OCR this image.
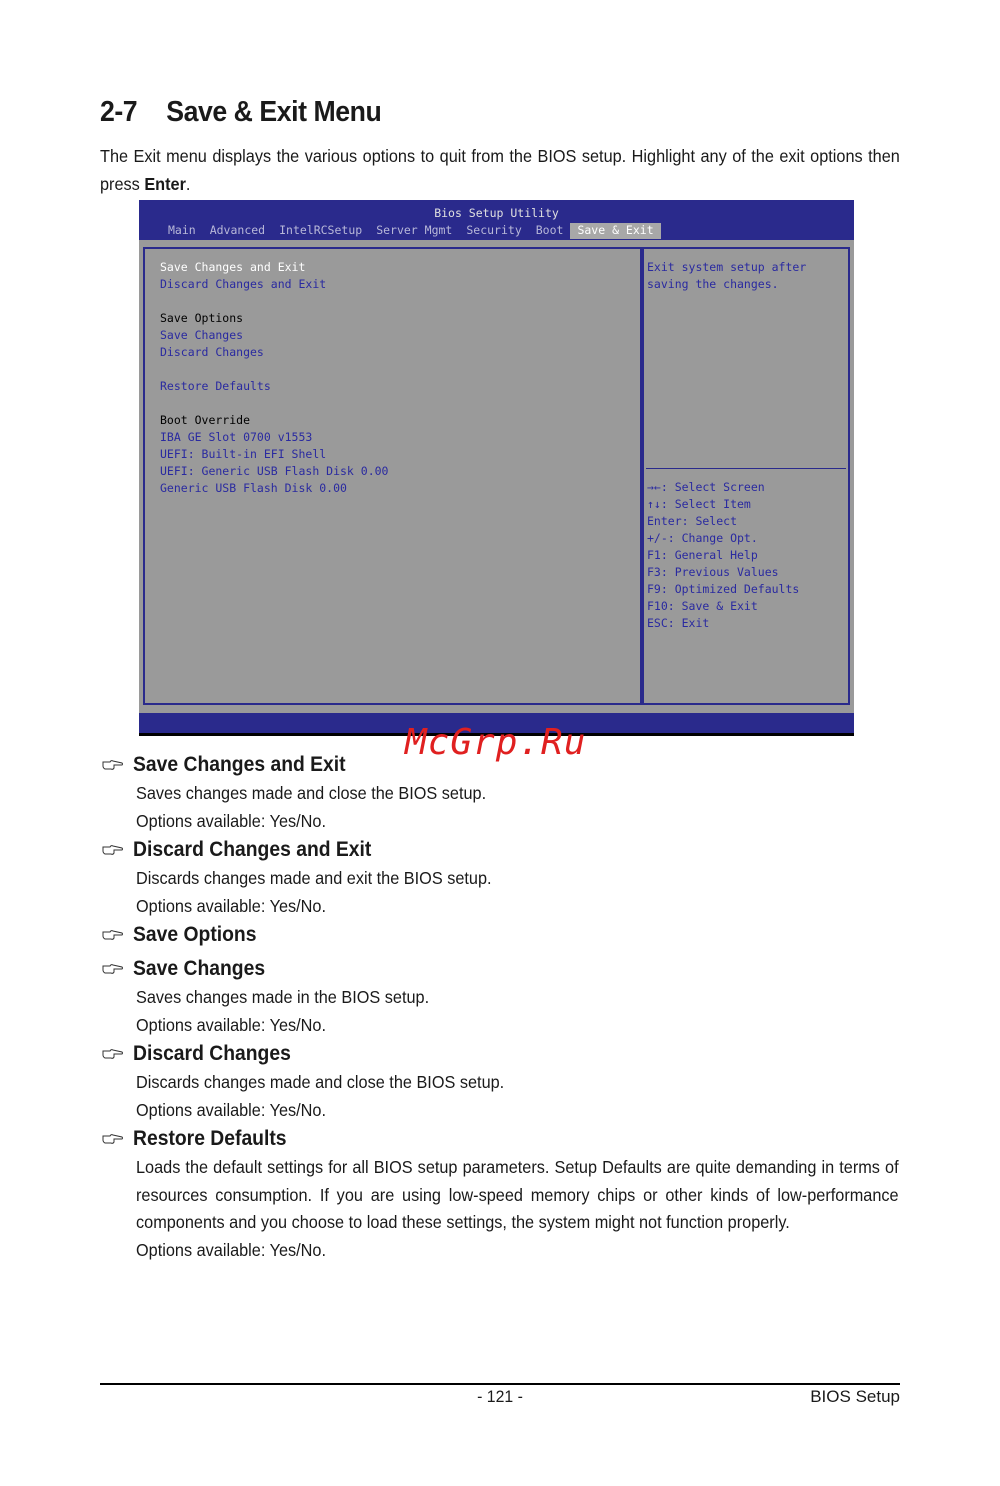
2-7 Save & Exit Menu
The Exit menu displays the various options to quit from the BIOS setup. Highlight any of the exit options then press Enter.
Bios Setup Utility
Main	Advanced	IntelRCSetup	Server Mgmt	Security	Boot	Save & Exit
Save Changes and Exit
Discard Changes and Exit
Save Options
Save Changes
Discard Changes
Restore Defaults
Boot Override
IBA GE Slot 0700 v1553
UEFI: Built-in EFI Shell
UEFI: Generic USB Flash Disk 0.00
Generic USB Flash Disk 0.00
Exit system setup after
saving the changes.
→←: Select Screen
↑↓: Select Item
Enter: Select
+/-: Change Opt.
F1: General Help
F3: Previous Values
F9: Optimized Defaults
F10: Save & Exit
ESC: Exit
McGrp.Ru
Save Changes and Exit
Saves changes made and close the BIOS setup.
Options available: Yes/No.
Discard Changes and Exit
Discards changes made and exit the BIOS setup.
Options available: Yes/No.
Save Options
Save Changes
Saves changes made in the BIOS setup.
Options available: Yes/No.
Discard Changes
Discards changes made and close the BIOS setup.
Options available: Yes/No.
Restore Defaults
Loads the default settings for all BIOS setup parameters. Setup Defaults are quite demanding in terms of resources consumption. If you are using low-speed memory chips or other kinds of low-performance components and you choose to load these settings, the system might not function properly.
Options available: Yes/No.
- 121 -	BIOS Setup
